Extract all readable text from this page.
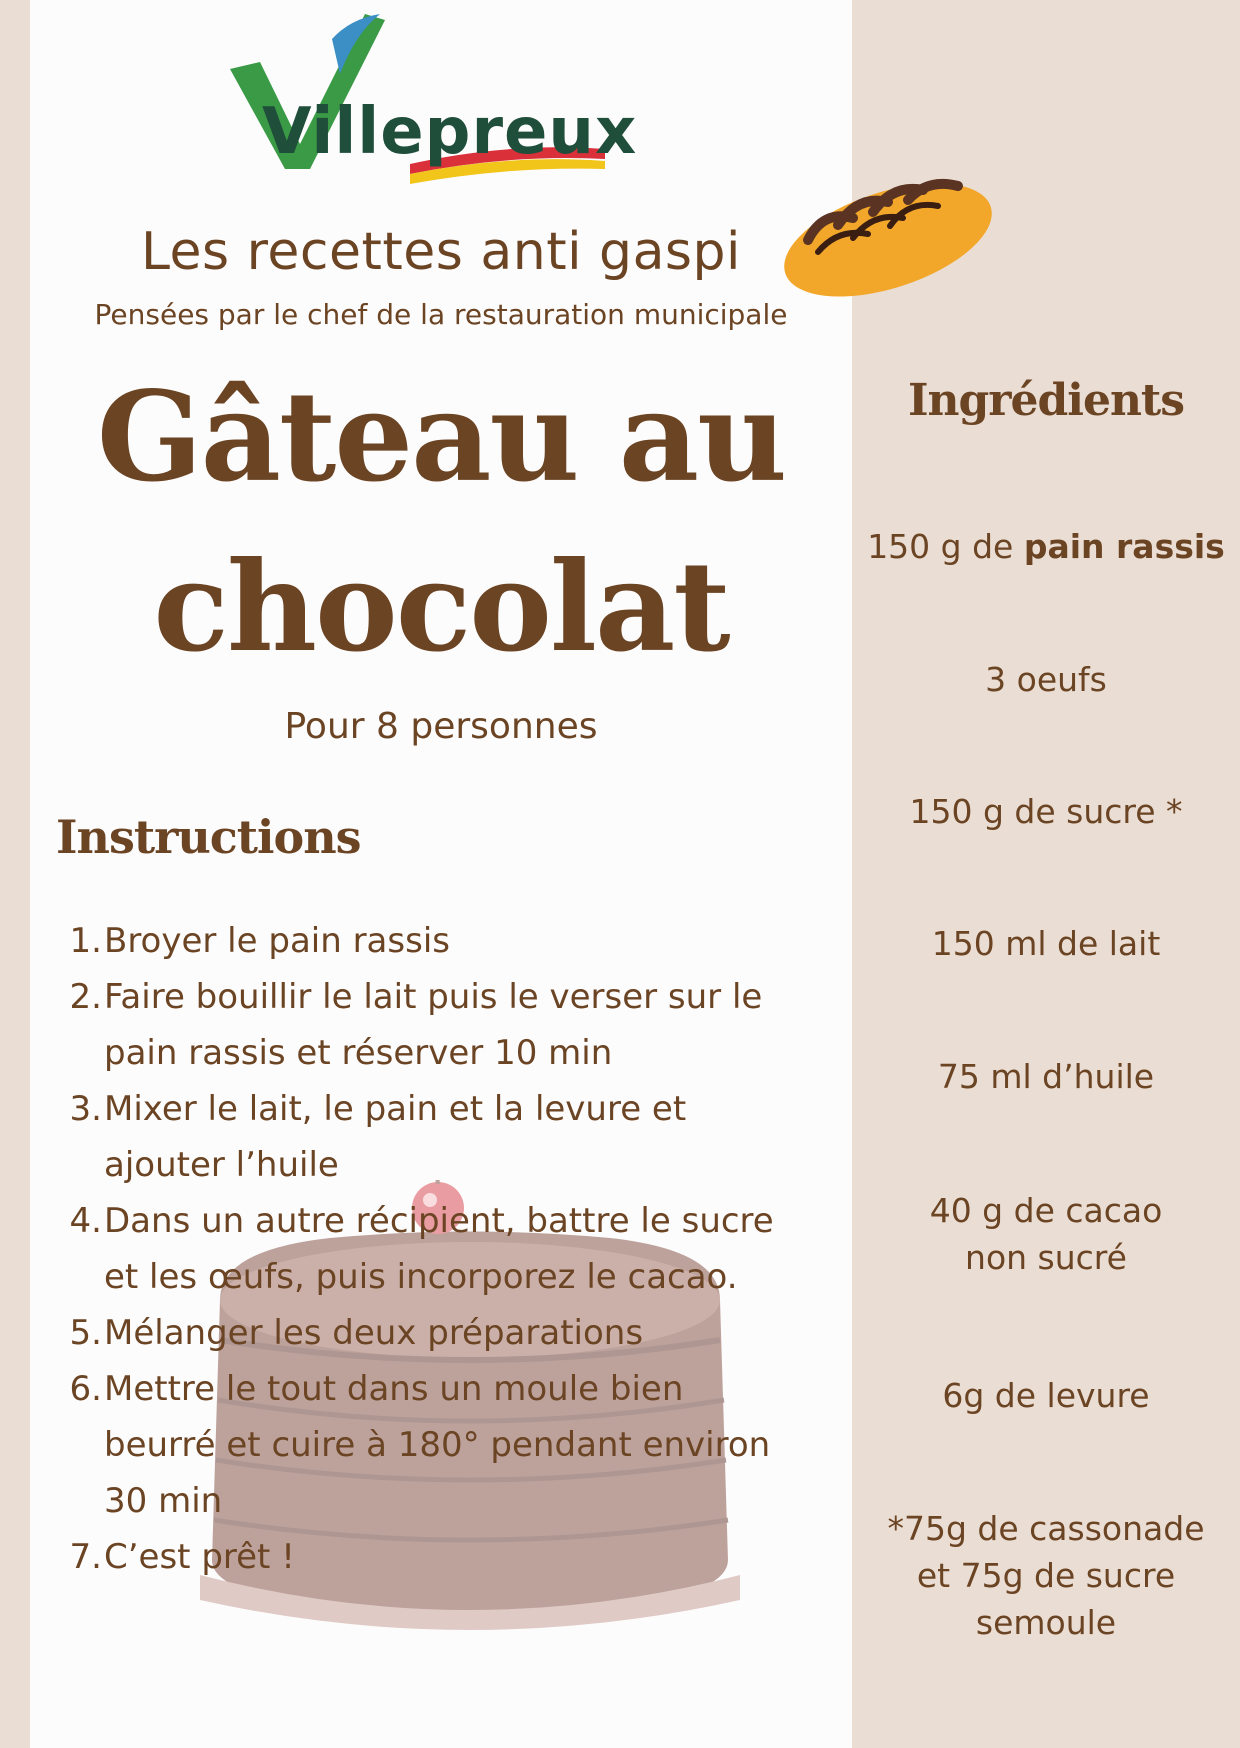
Villepreux
Les recettes anti gaspi
Pensées par le chef de la restauration municipale
Gâteau au
chocolat
Pour 8 personnes
Instructions
1. Broyer le pain rassis
2. Faire bouillir le lait puis le verser sur le
pain rassis et réserver 10 min
3. Mixer le lait, le pain et la levure et
ajouter l’huile
4. Dans un autre récipient, battre le sucre
et les œufs, puis incorporez le cacao.
5. Mélanger les deux préparations
6. Mettre le tout dans un moule bien
beurré et cuire à 180° pendant environ
30 min
7. C’est prêt !
Ingrédients
150 g de pain rassis
3 oeufs
150 g de sucre *
150 ml de lait
75 ml d’huile
40 g de cacao
non sucré
6g de levure
*75g de cassonade
et 75g de sucre
semoule
